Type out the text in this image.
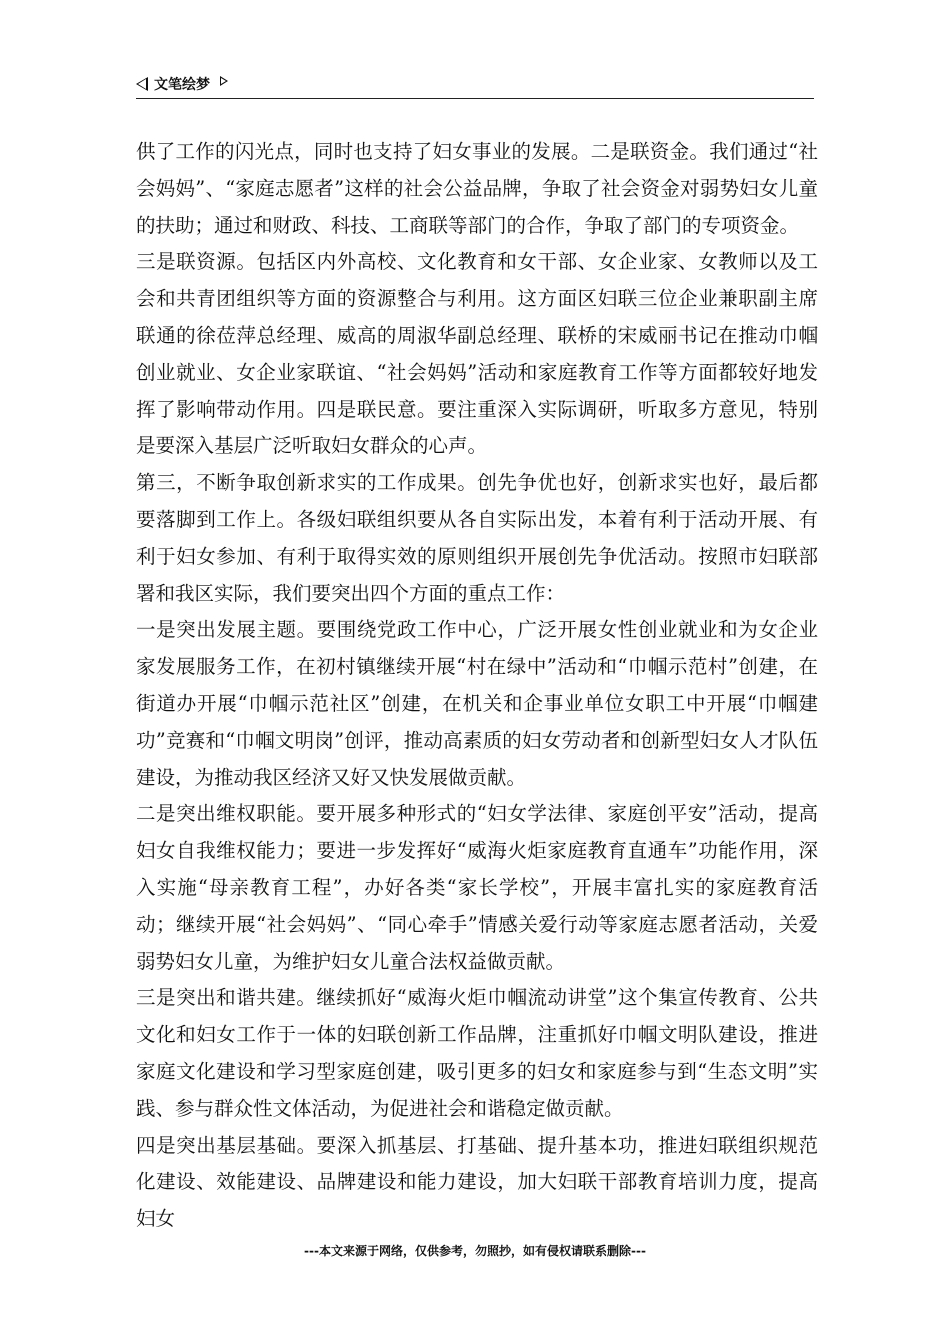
文笔绘梦

供了工作的闪光点，同时也支持了妇女事业的发展。二是联资金。我们通过“社会妈妈”、“家庭志愿者”这样的社会公益品牌，争取了社会资金对弱势妇女儿童的扶助；通过和财政、科技、工商联等部门的合作，争取了部门的专项资金。

三是联资源。包括区内外高校、文化教育和女干部、女企业家、女教师以及工会和共青团组织等方面的资源整合与利用。这方面区妇联三位企业兼职副主席联通的徐莅萍总经理、威高的周淑华副总经理、联桥的宋威丽书记在推动巾帼创业就业、女企业家联谊、“社会妈妈”活动和家庭教育工作等方面都较好地发挥了影响带动作用。四是联民意。要注重深入实际调研，听取多方意见，特别是要深入基层广泛听取妇女群众的心声。

第三，不断争取创新求实的工作成果。创先争优也好，创新求实也好，最后都要落脚到工作上。各级妇联组织要从各自实际出发，本着有利于活动开展、有利于妇女参加、有利于取得实效的原则组织开展创先争优活动。按照市妇联部署和我区实际，我们要突出四个方面的重点工作：

一是突出发展主题。要围绕党政工作中心，广泛开展女性创业就业和为女企业家发展服务工作，在初村镇继续开展“村在绿中”活动和“巾帼示范村”创建，在街道办开展“巾帼示范社区”创建，在机关和企事业单位女职工中开展“巾帼建功”竞赛和“巾帼文明岗”创评，推动高素质的妇女劳动者和创新型妇女人才队伍建设，为推动我区经济又好又快发展做贡献。

二是突出维权职能。要开展多种形式的“妇女学法律、家庭创平安”活动，提高妇女自我维权能力；要进一步发挥好“威海火炬家庭教育直通车”功能作用，深入实施“母亲教育工程”，办好各类“家长学校”，开展丰富扎实的家庭教育活动；继续开展“社会妈妈”、“同心牵手”情感关爱行动等家庭志愿者活动，关爱弱势妇女儿童，为维护妇女儿童合法权益做贡献。

三是突出和谐共建。继续抓好“威海火炬巾帼流动讲堂”这个集宣传教育、公共文化和妇女工作于一体的妇联创新工作品牌，注重抓好巾帼文明队建设，推进家庭文化建设和学习型家庭创建，吸引更多的妇女和家庭参与到“生态文明”实践、参与群众性文体活动，为促进社会和谐稳定做贡献。

四是突出基层基础。要深入抓基层、打基础、提升基本功，推进妇联组织规范化建设、效能建设、品牌建设和能力建设，加大妇联干部教育培训力度，提高妇女

---本文来源于网络，仅供参考，勿照抄，如有侵权请联系删除---
